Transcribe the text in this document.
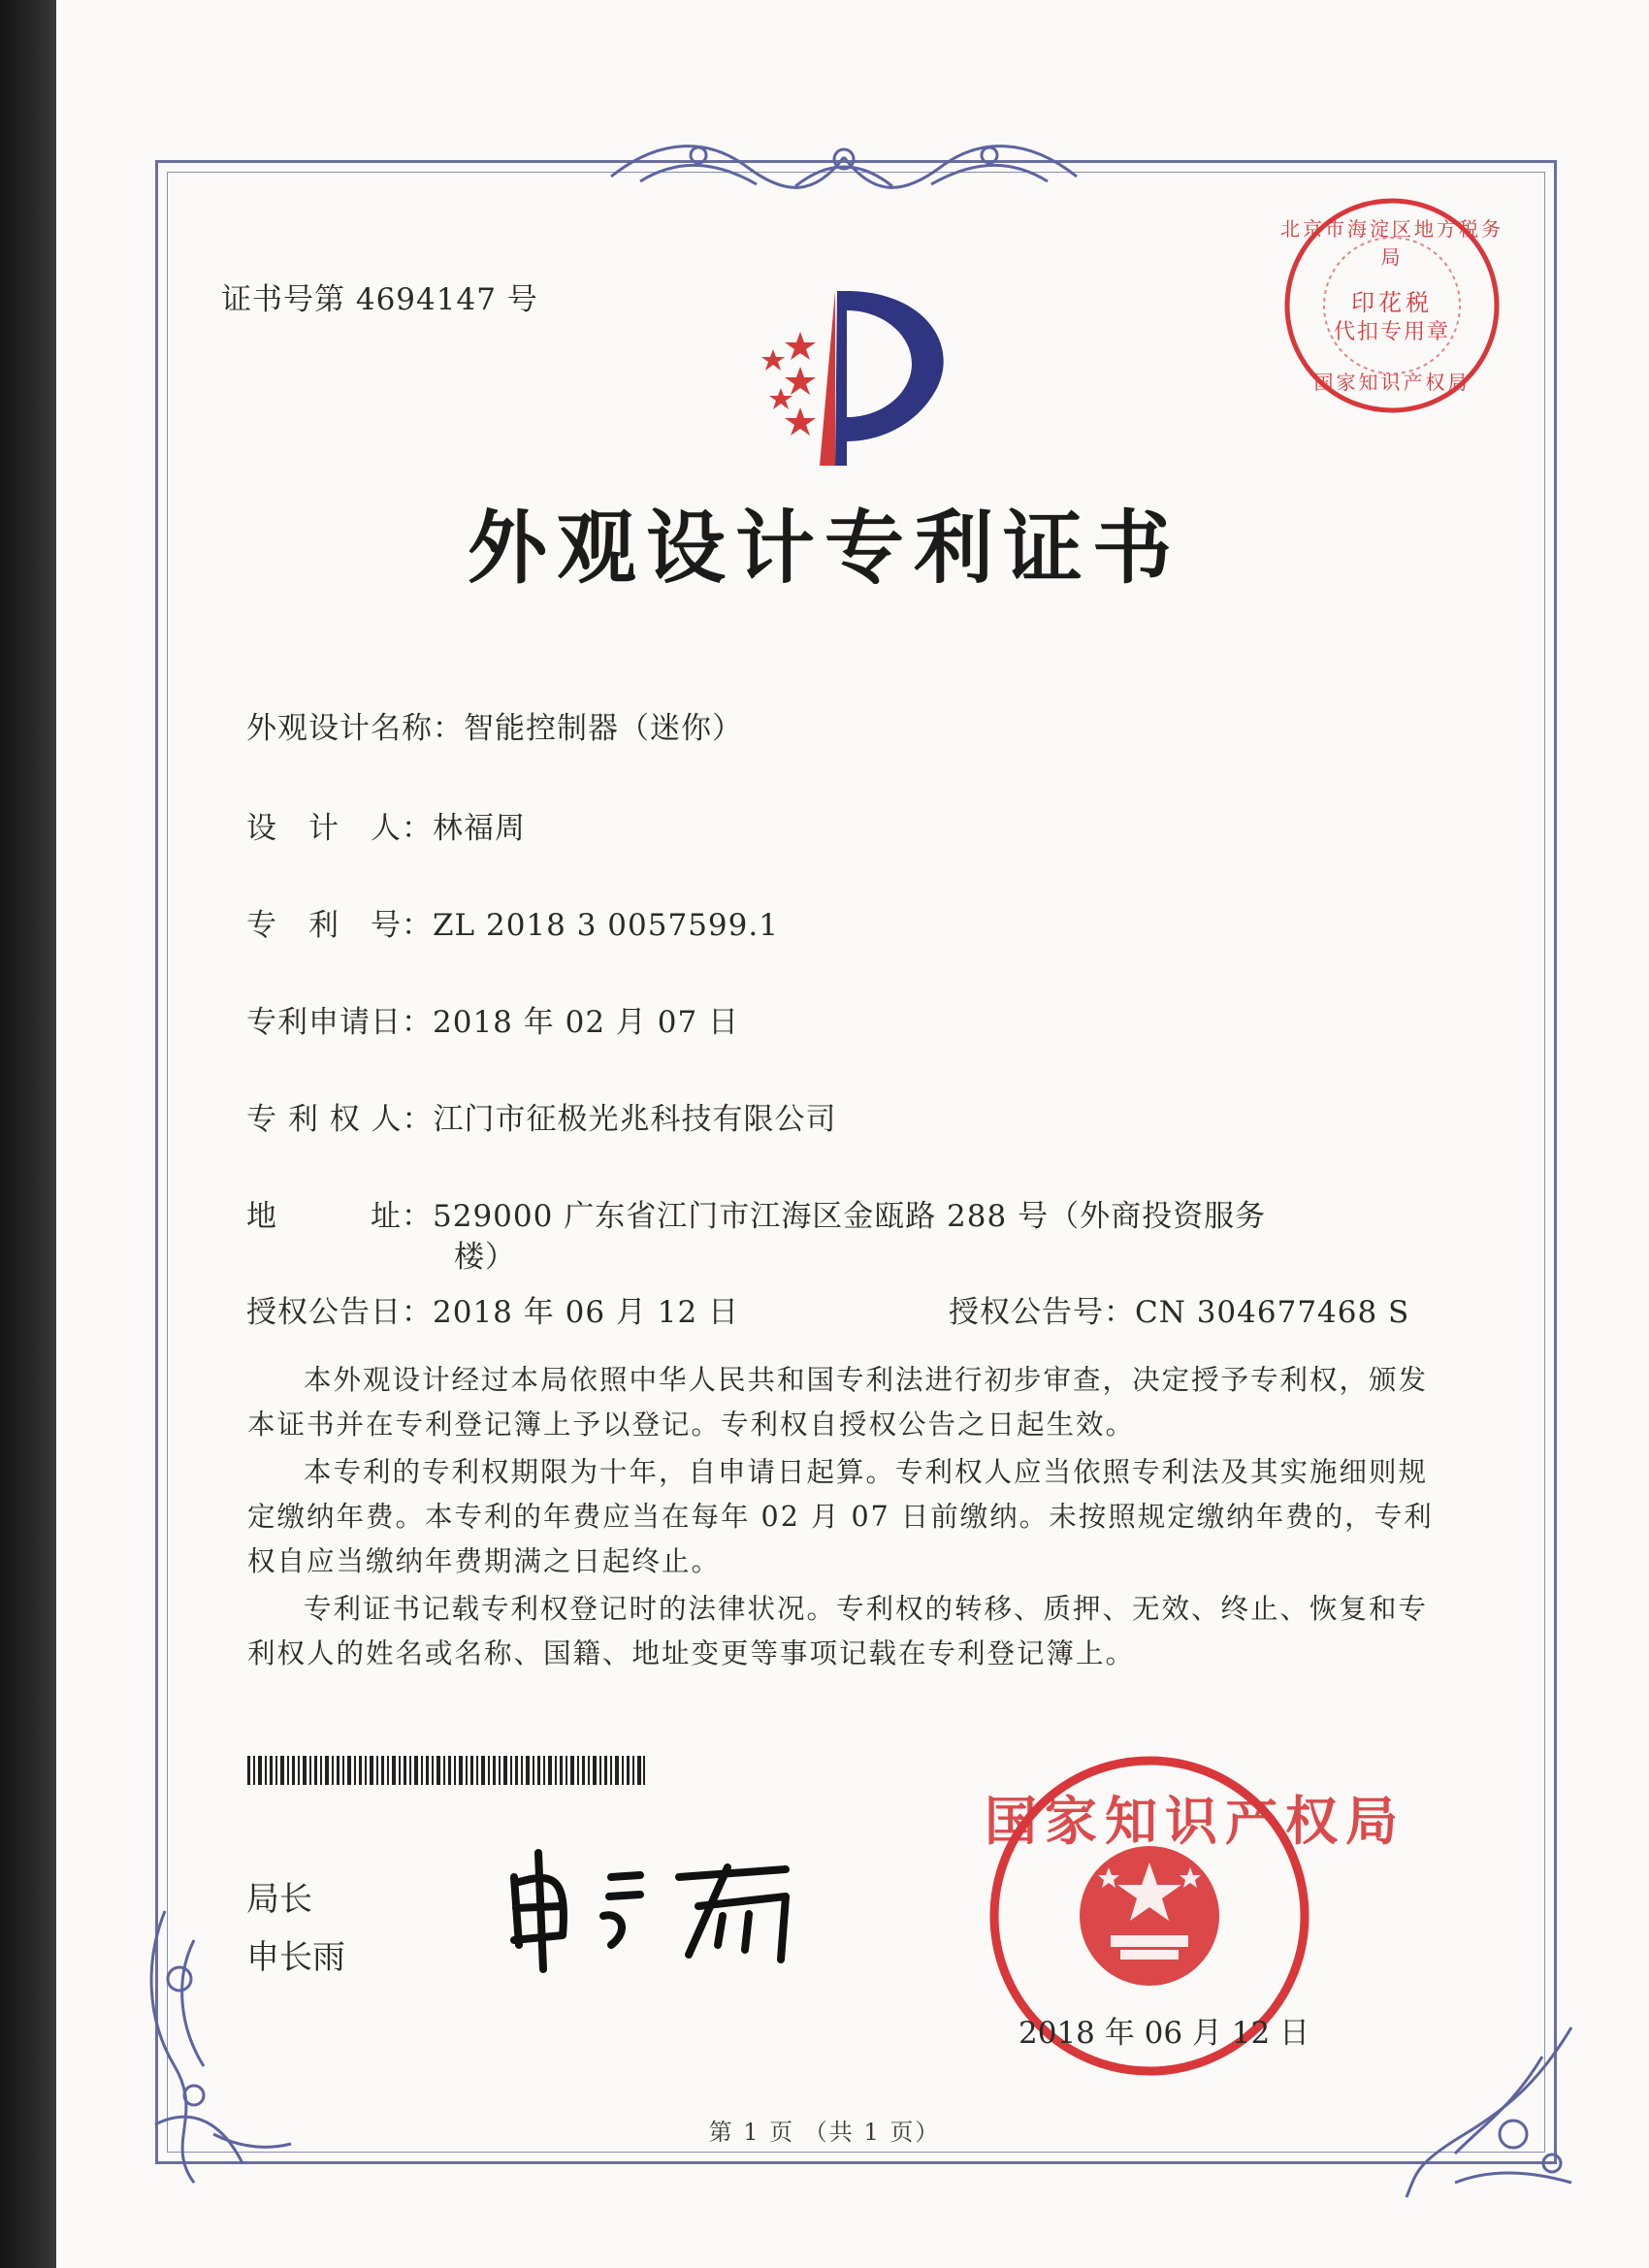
证书号第 4694147 号
北京市海淀区地方税务局
印花税
代扣专用章
国家知识产权局
外观设计专利证书
外观设计名称：智能控制器（迷你）
设　计　人：林福周
专　利　号：ZL 2018 3 0057599.1
专利申请日：2018 年 02 月 07 日
专 利 权 人：江门市征极光兆科技有限公司
地　　　址：529000 广东省江门市江海区金瓯路 288 号（外商投资服务
楼）
授权公告日：2018 年 06 月 12 日	授权公告号：CN 304677468 S
本外观设计经过本局依照中华人民共和国专利法进行初步审查，决定授予专利权，颁发本证书并在专利登记簿上予以登记。专利权自授权公告之日起生效。
本专利的专利权期限为十年，自申请日起算。专利权人应当依照专利法及其实施细则规定缴纳年费。本专利的年费应当在每年 02 月 07 日前缴纳。未按照规定缴纳年费的，专利权自应当缴纳年费期满之日起终止。
专利证书记载专利权登记时的法律状况。专利权的转移、质押、无效、终止、恢复和专利权人的姓名或名称、国籍、地址变更等事项记载在专利登记簿上。
局长
申长雨
国家知识产权局
2018 年 06 月 12 日
第 1 页 （共 1 页）
